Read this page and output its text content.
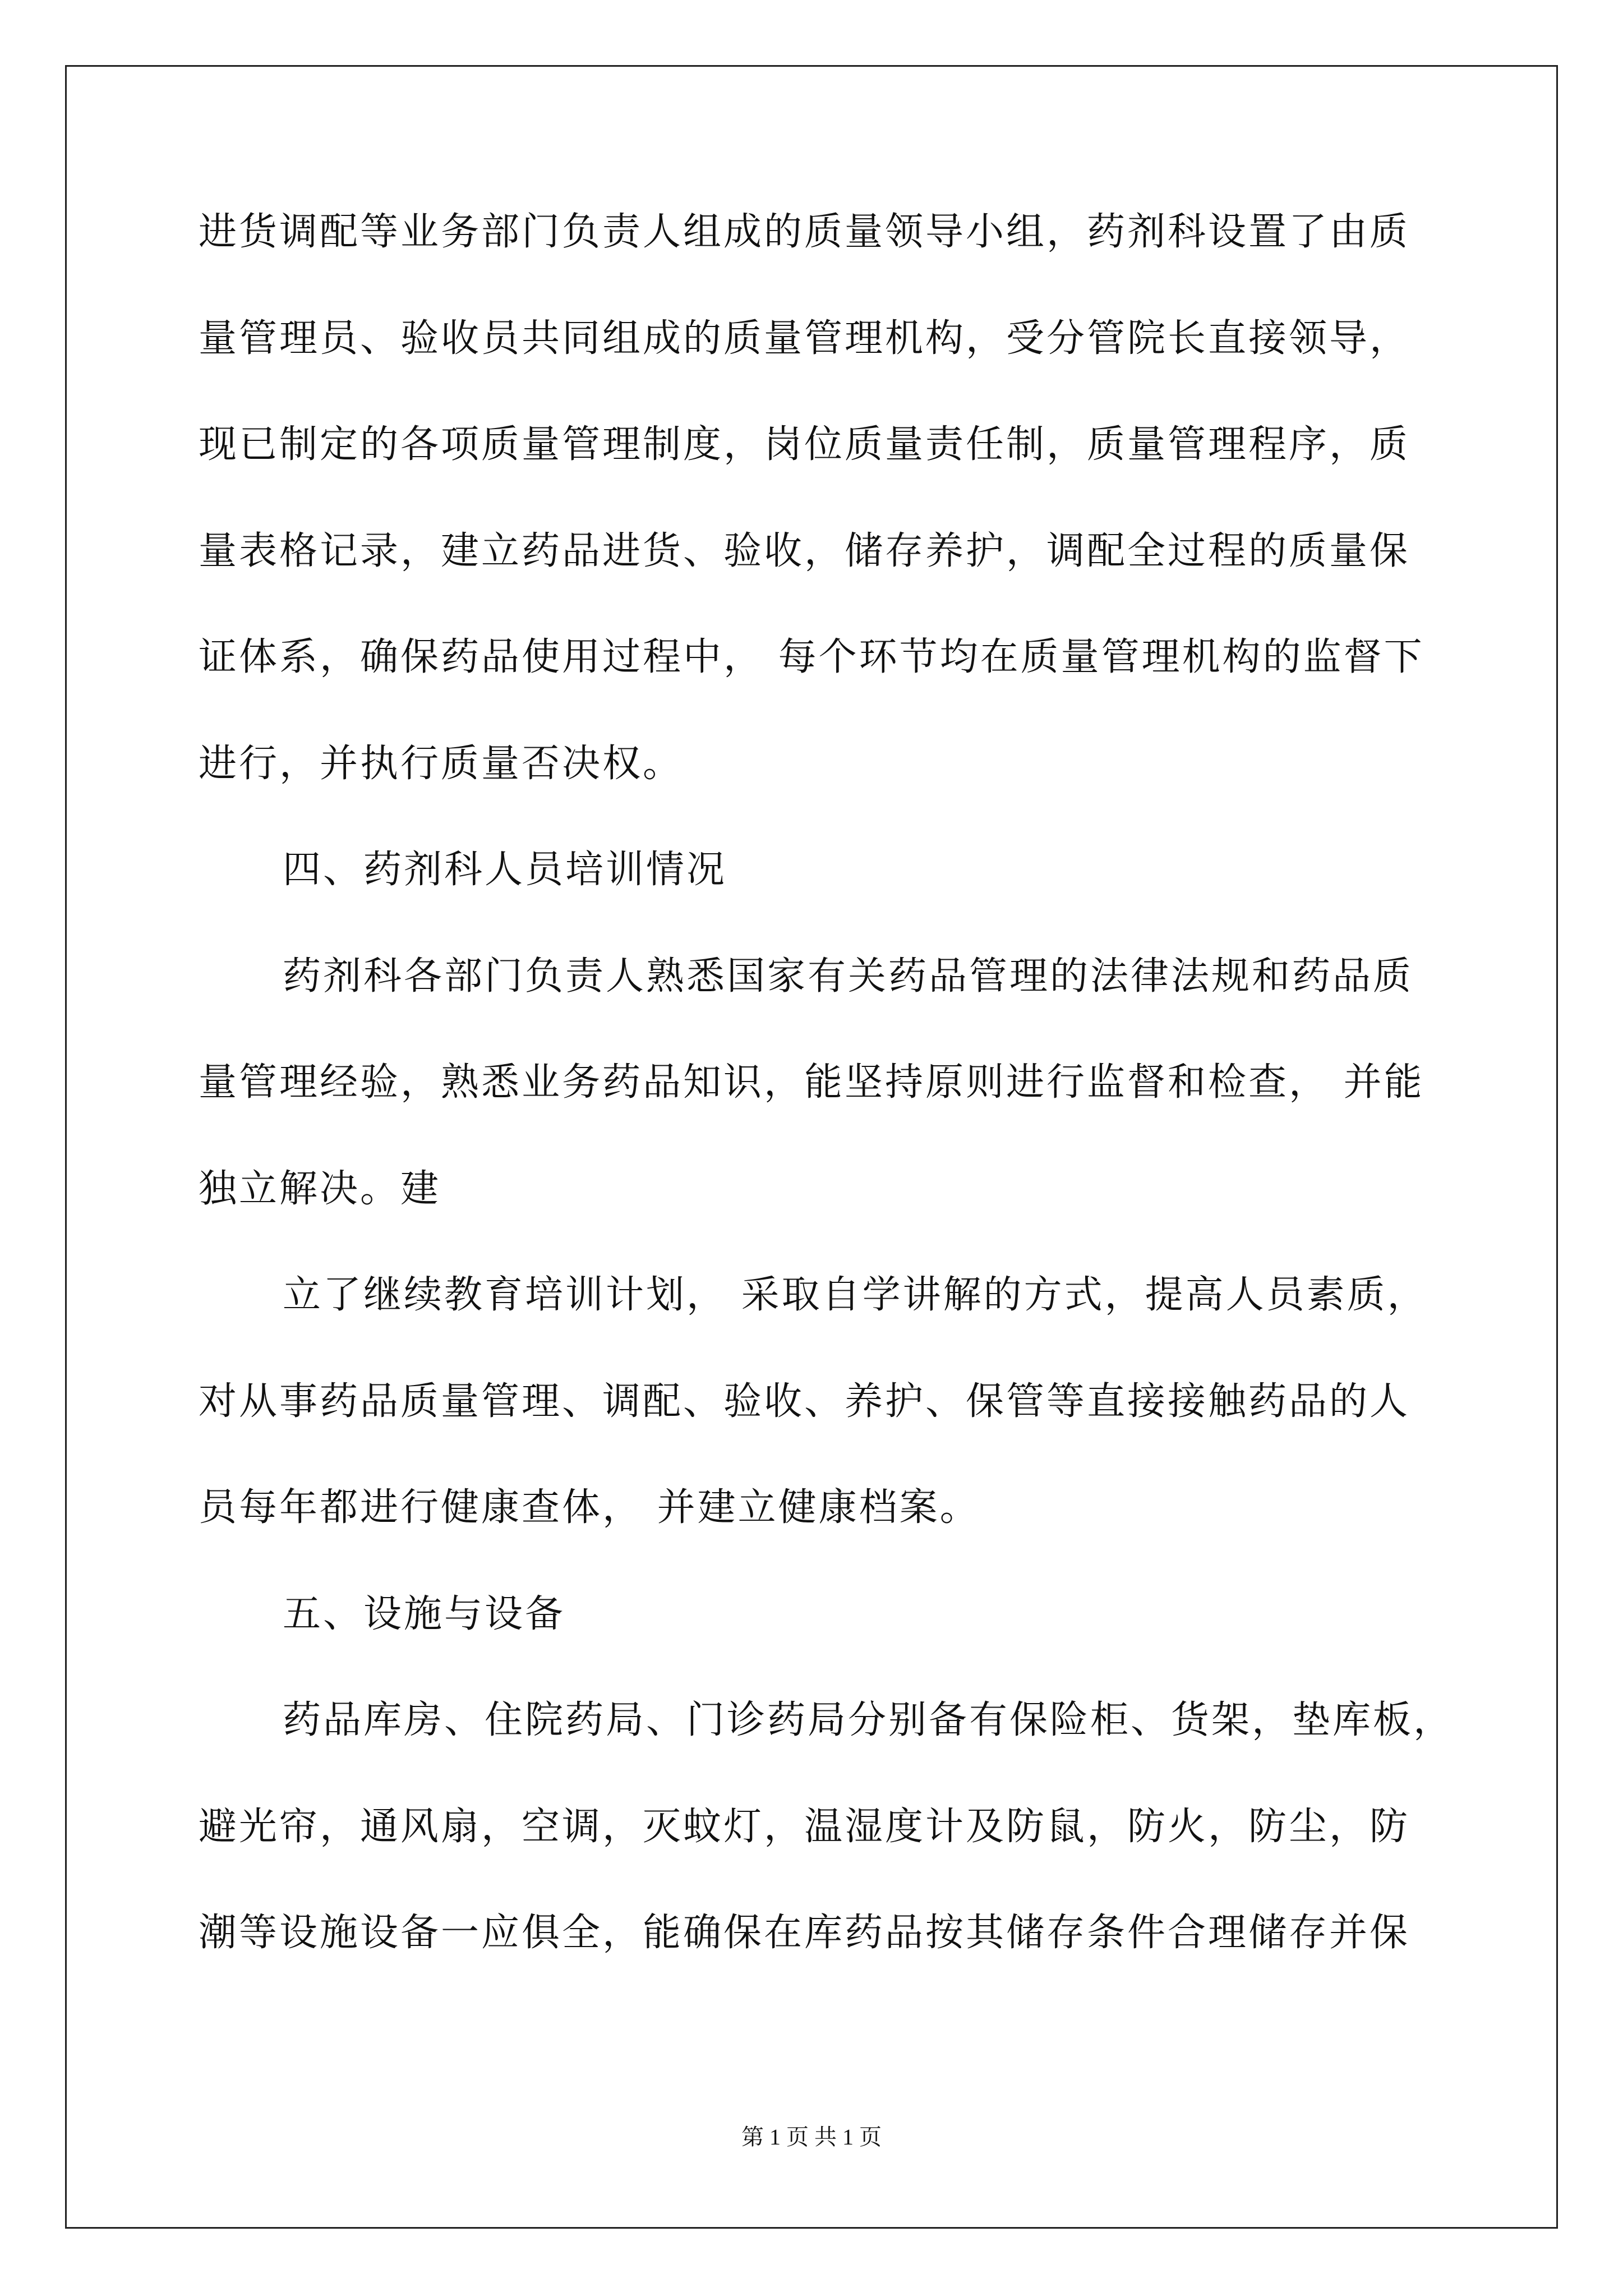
进货调配等业务部门负责人组成的质量领导小组，药剂科设置了由质
量管理员、验收员共同组成的质量管理机构，受分管院长直接领导，
现已制定的各项质量管理制度，岗位质量责任制，质量管理程序，质
量表格记录，建立药品进货、验收，储存养护，调配全过程的质量保
证体系，确保药品使用过程中， 每个环节均在质量管理机构的监督下
进行，并执行质量否决权。
四、药剂科人员培训情况
药剂科各部门负责人熟悉国家有关药品管理的法律法规和药品质
量管理经验，熟悉业务药品知识，能坚持原则进行监督和检查， 并能
独立解决。建
立了继续教育培训计划， 采取自学讲解的方式，提高人员素质，
对从事药品质量管理、调配、验收、养护、保管等直接接触药品的人
员每年都进行健康查体， 并建立健康档案。
五、设施与设备
药品库房、住院药局、门诊药局分别备有保险柜、货架，垫库板，
避光帘，通风扇，空调，灭蚊灯，温湿度计及防鼠，防火，防尘，防
潮等设施设备一应俱全，能确保在库药品按其储存条件合理储存并保
第 1 页 共 1 页
